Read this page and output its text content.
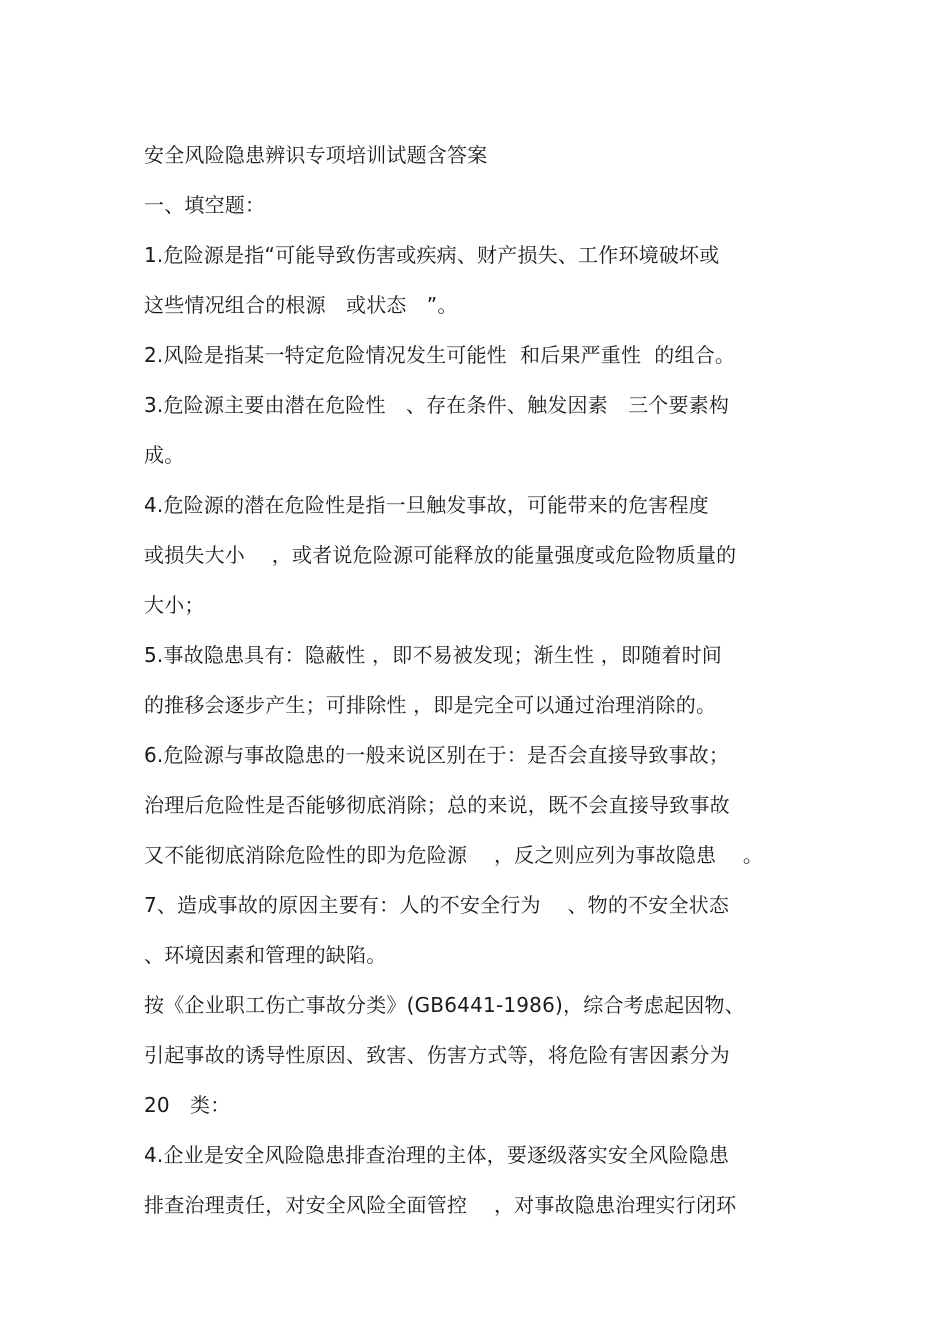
安全风险隐患辨识专项培训试题含答案
一、填空题：
1.危险源是指“可能导致伤害或疾病、财产损失、工作环境破坏或
这些情况组合的根源　或状态　”。
2.风险是指某一特定危险情况发生可能性  和后果严重性  的组合。
3.危险源主要由潜在危险性　、存在条件、触发因素　三个要素构
成。
4.危险源的潜在危险性是指一旦触发事故，可能带来的危害程度
或损失大小　 ，或者说危险源可能释放的能量强度或危险物质量的
大小；
5.事故隐患具有：隐蔽性 ，即不易被发现；渐生性 ，即随着时间
的推移会逐步产生；可排除性 ，即是完全可以通过治理消除的。
6.危险源与事故隐患的一般来说区别在于：是否会直接导致事故；
治理后危险性是否能够彻底消除；总的来说，既不会直接导致事故
又不能彻底消除危险性的即为危险源　 ，反之则应列为事故隐患　 。
7、造成事故的原因主要有：人的不安全行为　 、物的不安全状态
、环境因素和管理的缺陷。
按《企业职工伤亡事故分类》(GB6441-1986)，综合考虑起因物、
引起事故的诱导性原因、致害、伤害方式等，将危险有害因素分为
20　类：
4.企业是安全风险隐患排查治理的主体，要逐级落实安全风险隐患
排查治理责任，对安全风险全面管控　 ，对事故隐患治理实行闭环
